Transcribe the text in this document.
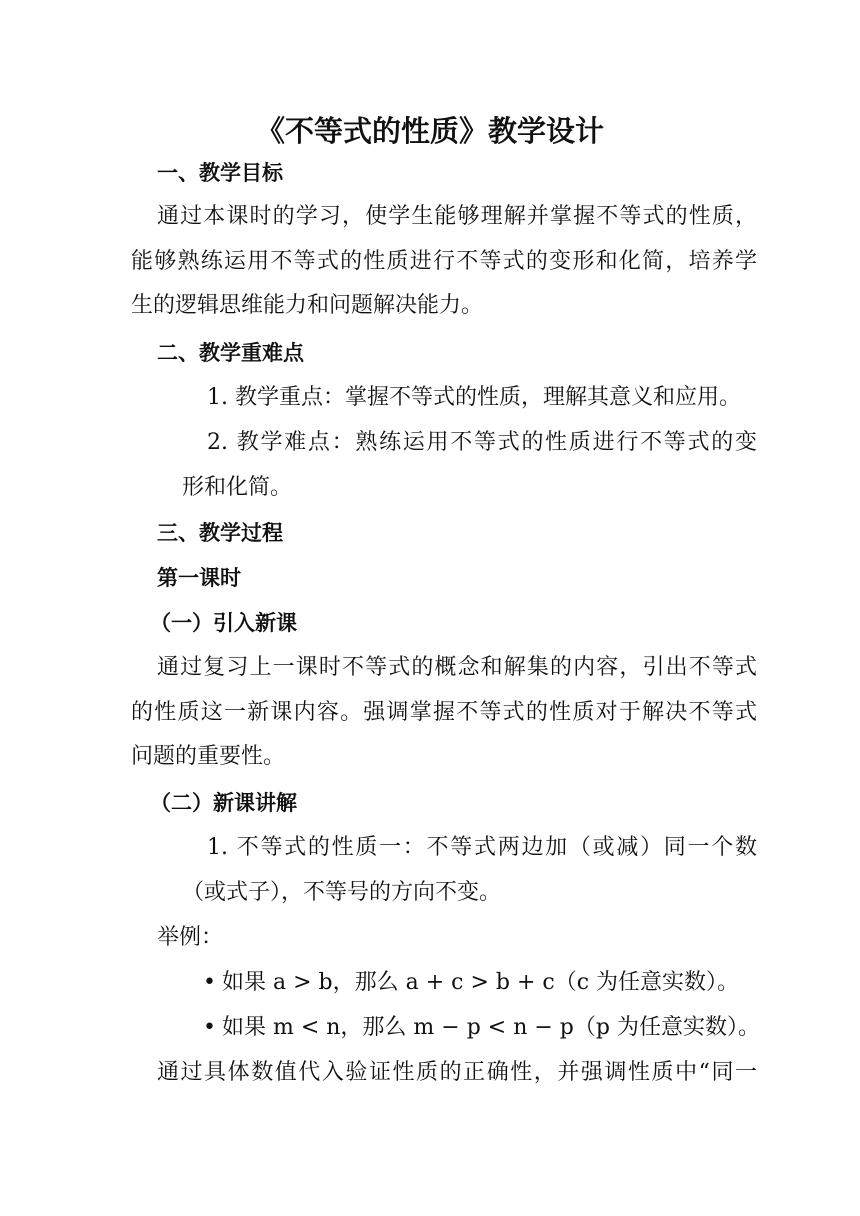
《不等式的性质》教学设计
一、教学目标
通过本课时的学习，使学生能够理解并掌握不等式的性质，
能够熟练运用不等式的性质进行不等式的变形和化简，培养学
生的逻辑思维能力和问题解决能力。
二、教学重难点
1. 教学重点：掌握不等式的性质，理解其意义和应用。
2. 教学难点：熟练运用不等式的性质进行不等式的变
形和化简。
三、教学过程
第一课时
（一）引入新课
通过复习上一课时不等式的概念和解集的内容，引出不等式
的性质这一新课内容。强调掌握不等式的性质对于解决不等式
问题的重要性。
（二）新课讲解
1. 不等式的性质一：不等式两边加（或减）同一个数
（或式子），不等号的方向不变。
举例：
• 如果 a > b，那么 a + c > b + c（c 为任意实数）。
• 如果 m < n，那么 m − p < n − p（p 为任意实数）。
通过具体数值代入验证性质的正确性，并强调性质中“同一
